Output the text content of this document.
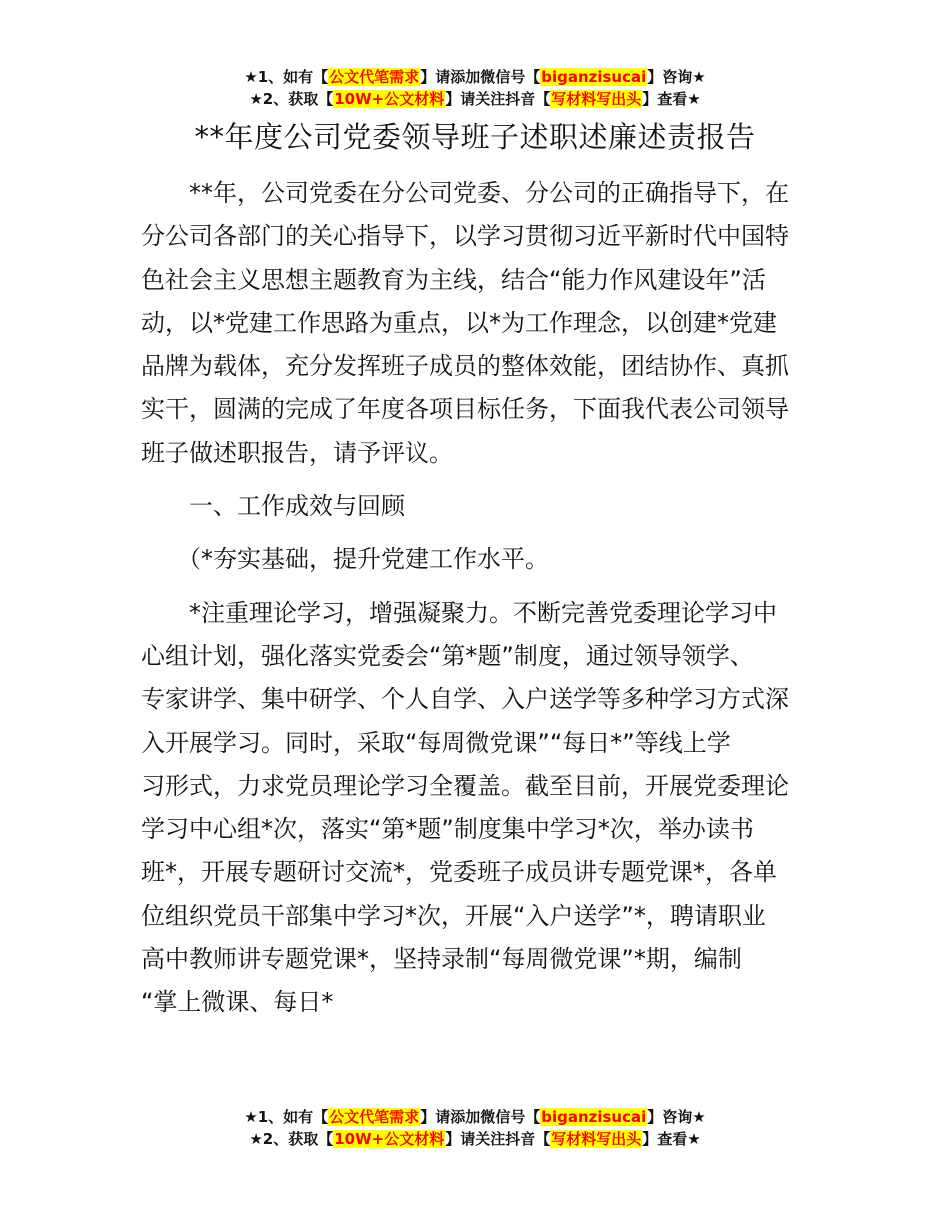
★1、如有【公文代笔需求】请添加微信号【biganzisucai】咨询★
★2、获取【10W+公文材料】请关注抖音【写材料写出头】查看★
**年度公司党委领导班子述职述廉述责报告
　　**年，公司党委在分公司党委、分公司的正确指导下，在
分公司各部门的关心指导下，以学习贯彻习近平新时代中国特
色社会主义思想主题教育为主线，结合“能力作风建设年”活
动，以*党建工作思路为重点，以*为工作理念，以创建*党建
品牌为载体，充分发挥班子成员的整体效能，团结协作、真抓
实干，圆满的完成了年度各项目标任务，下面我代表公司领导
班子做述职报告，请予评议。
　　一、工作成效与回顾
　　（*夯实基础，提升党建工作水平。
　　*注重理论学习，增强凝聚力。不断完善党委理论学习中
心组计划，强化落实党委会“第*题”制度，通过领导领学、
专家讲学、集中研学、个人自学、入户送学等多种学习方式深
入开展学习。同时，采取“每周微党课”“每日*”等线上学
习形式，力求党员理论学习全覆盖。截至目前，开展党委理论
学习中心组*次，落实“第*题”制度集中学习*次，举办读书
班*，开展专题研讨交流*，党委班子成员讲专题党课*，各单
位组织党员干部集中学习*次，开展“入户送学”*，聘请职业
高中教师讲专题党课*，坚持录制“每周微党课”*期，编制
“掌上微课、每日*
★1、如有【公文代笔需求】请添加微信号【biganzisucai】咨询★
★2、获取【10W+公文材料】请关注抖音【写材料写出头】查看★
